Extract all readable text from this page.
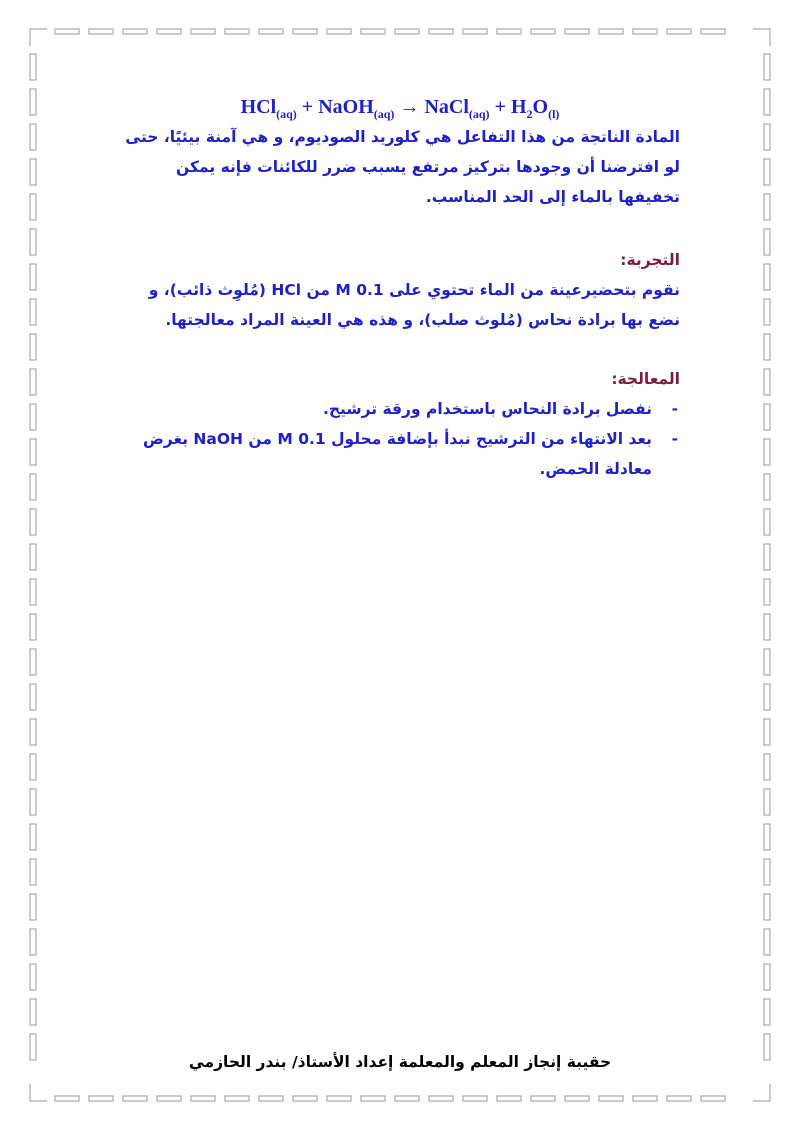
HCl$_{(aq)}$ + NaOH$_{(aq)}$ → NaCl$_{(aq)}$ + $H_2O_{(l)}$

المادة الناتجة من هذا التفاعل هي كلوريد الصوديوم، و هي آمنة بيئيًا، حتى لو افترضنا أن وجودها بتركيز مرتفع يسبب ضرر للكائنات فإنه يمكن تخفيفها بالماء إلى الحد المناسب.

التجربة:

نقوم بتحضيرعينة من الماء تحتوي على 0.1 M من HCl (مُلوِث ذائب)، و نضع بها برادة نحاس (مُلوث صلب)، و هذه هي العينة المراد معالجتها.

المعالجة:

-
نفصل برادة النحاس باستخدام ورقة ترشيح.
-
بعد الانتهاء من الترشيح نبدأ بإضافة محلول 0.1 M من NaOH بغرض معادلة الحمض.
حقيبة إنجاز المعلم والمعلمة إعداد الأستاذ/ بندر الحازمي
